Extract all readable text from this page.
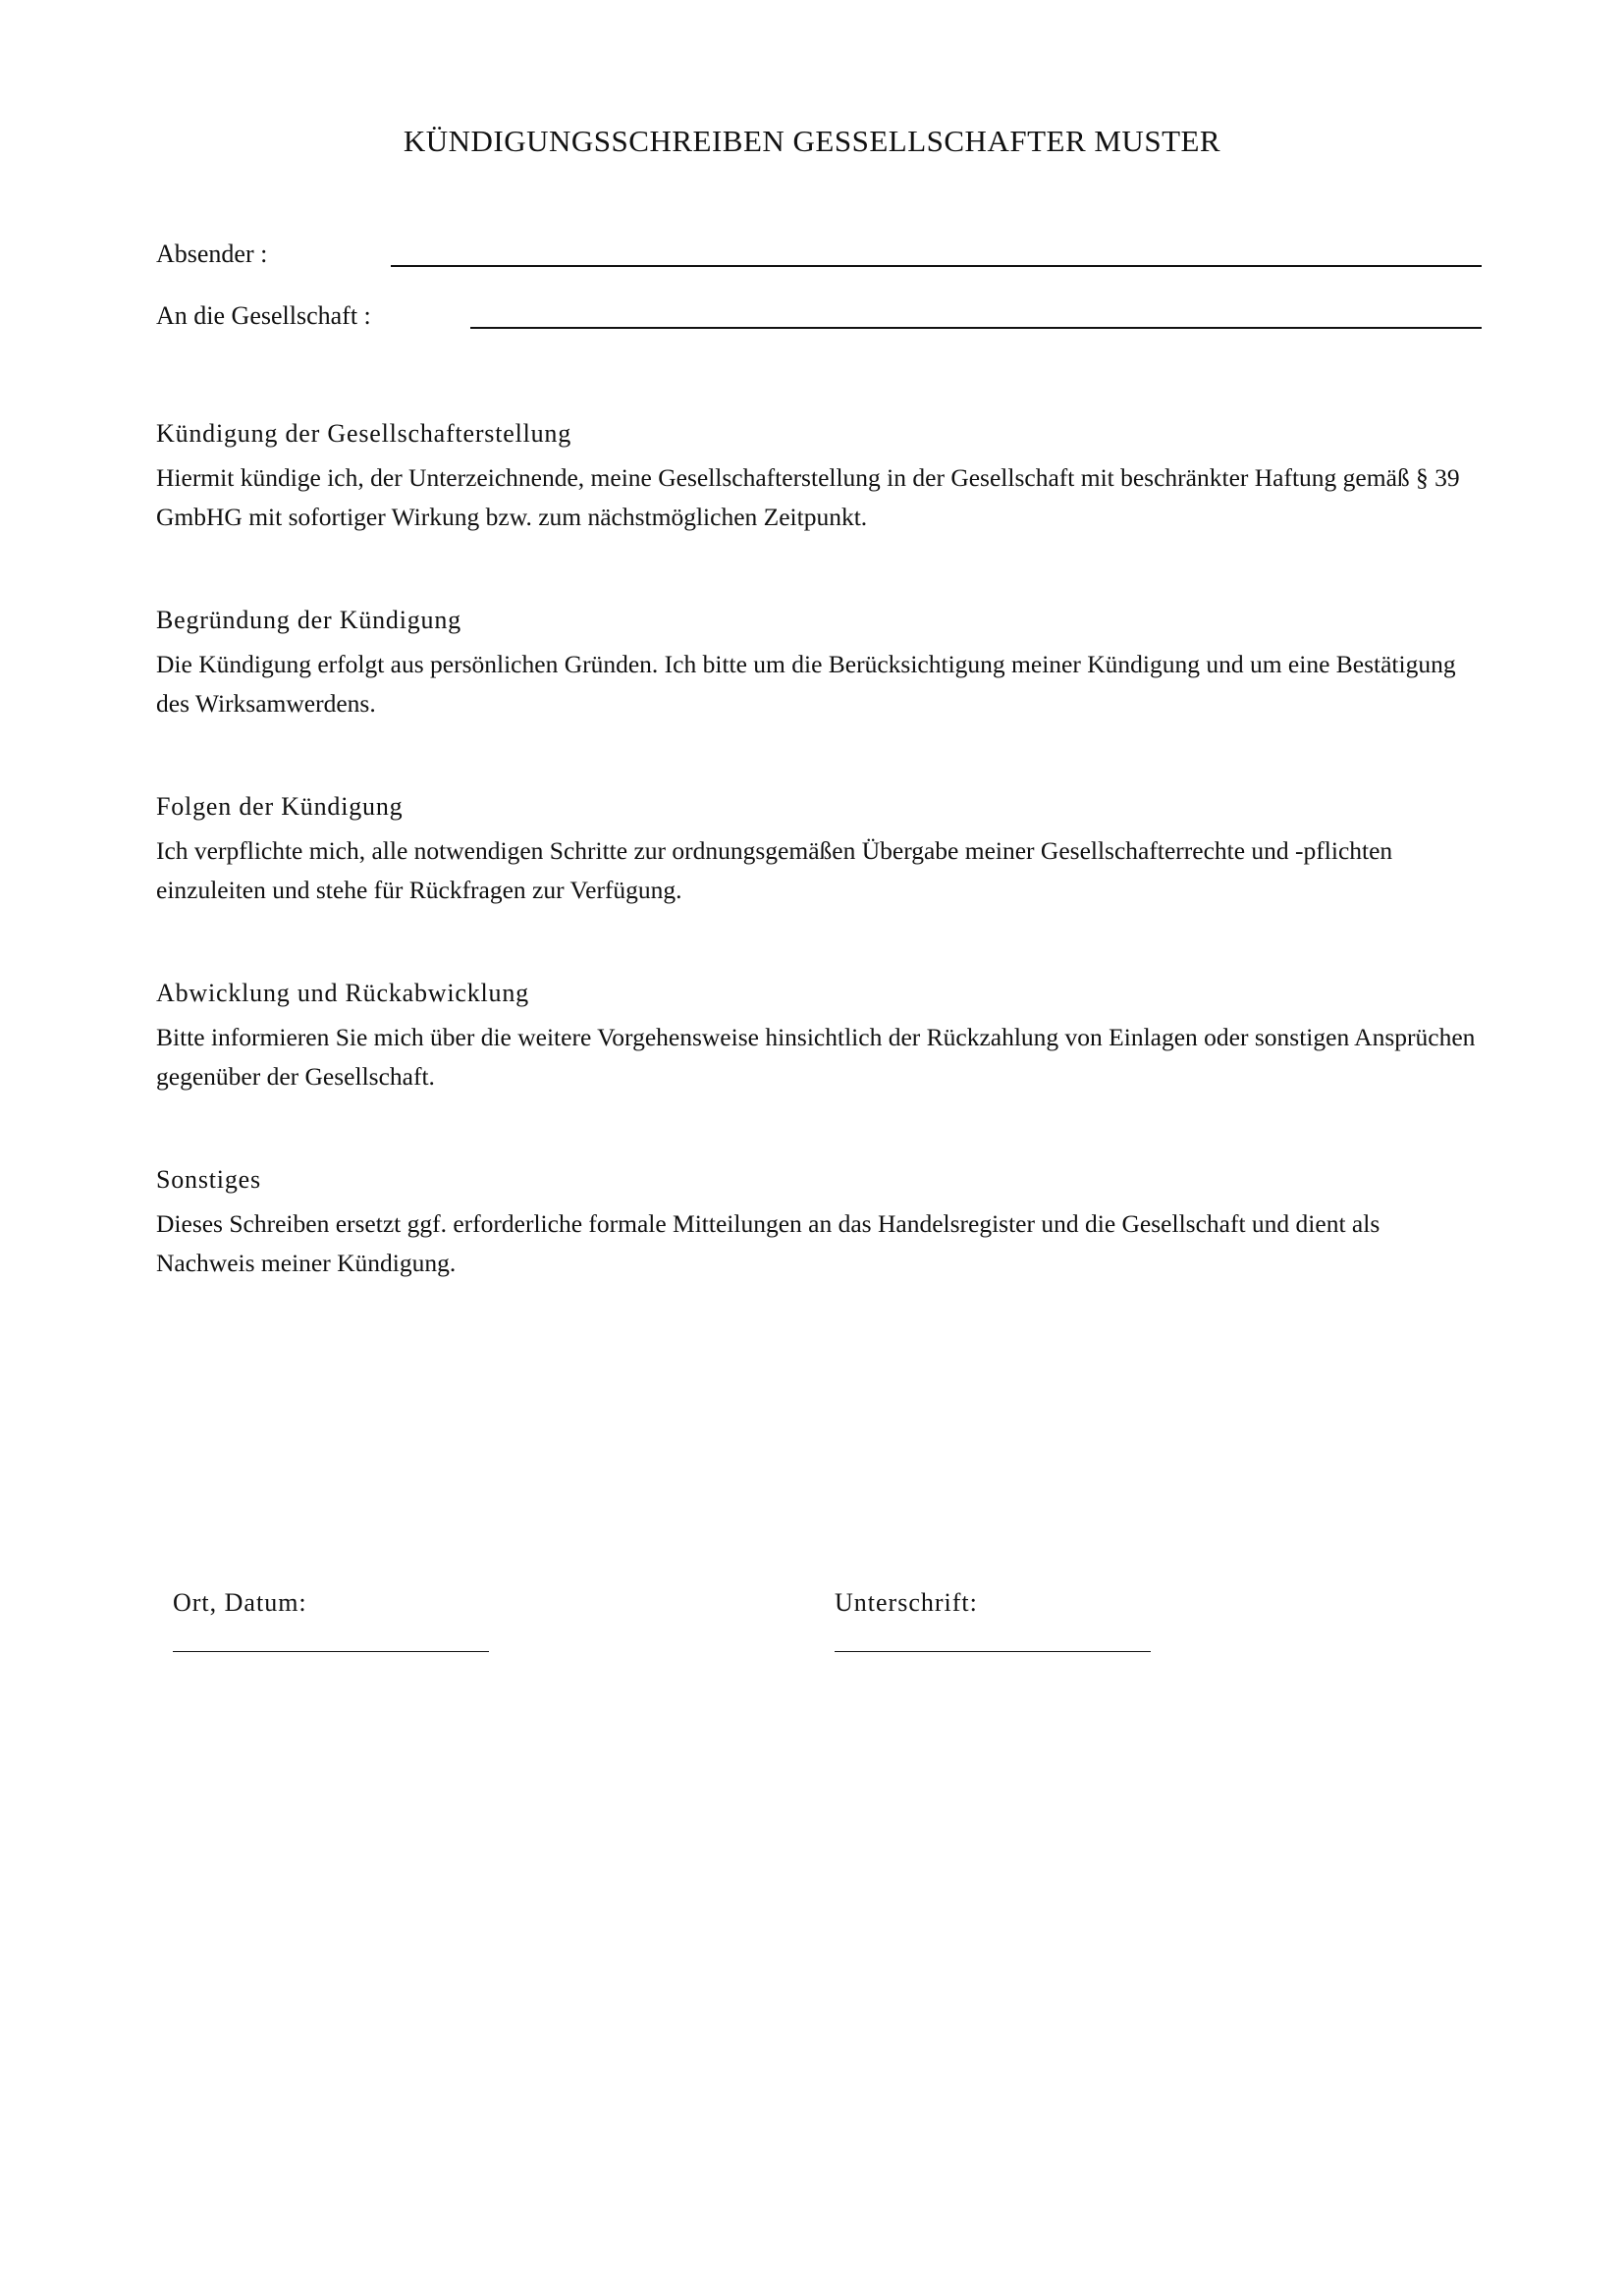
KÜNDIGUNGSSCHREIBEN GESSELLSCHAFTER MUSTER
Absender :
An die Gesellschaft :
Kündigung der Gesellschafterstellung

Hiermit kündige ich, der Unterzeichnende, meine Gesellschafterstellung in der Gesellschaft mit beschränkter Haftung gemäß § 39 GmbHG mit sofortiger Wirkung bzw. zum nächstmöglichen Zeitpunkt.

Begründung der Kündigung

Die Kündigung erfolgt aus persönlichen Gründen. Ich bitte um die Berücksichtigung meiner Kündigung und um eine Bestätigung des Wirksamwerdens.

Folgen der Kündigung

Ich verpflichte mich, alle notwendigen Schritte zur ordnungsgemäßen Übergabe meiner Gesellschafterrechte und -pflichten einzuleiten und stehe für Rückfragen zur Verfügung.

Abwicklung und Rückabwicklung

Bitte informieren Sie mich über die weitere Vorgehensweise hinsichtlich der Rückzahlung von Einlagen oder sonstigen Ansprüchen gegenüber der Gesellschaft.

Sonstiges

Dieses Schreiben ersetzt ggf. erforderliche formale Mitteilungen an das Handelsregister und die Gesellschaft und dient als Nachweis meiner Kündigung.

Ort, Datum:	Unterschrift:
